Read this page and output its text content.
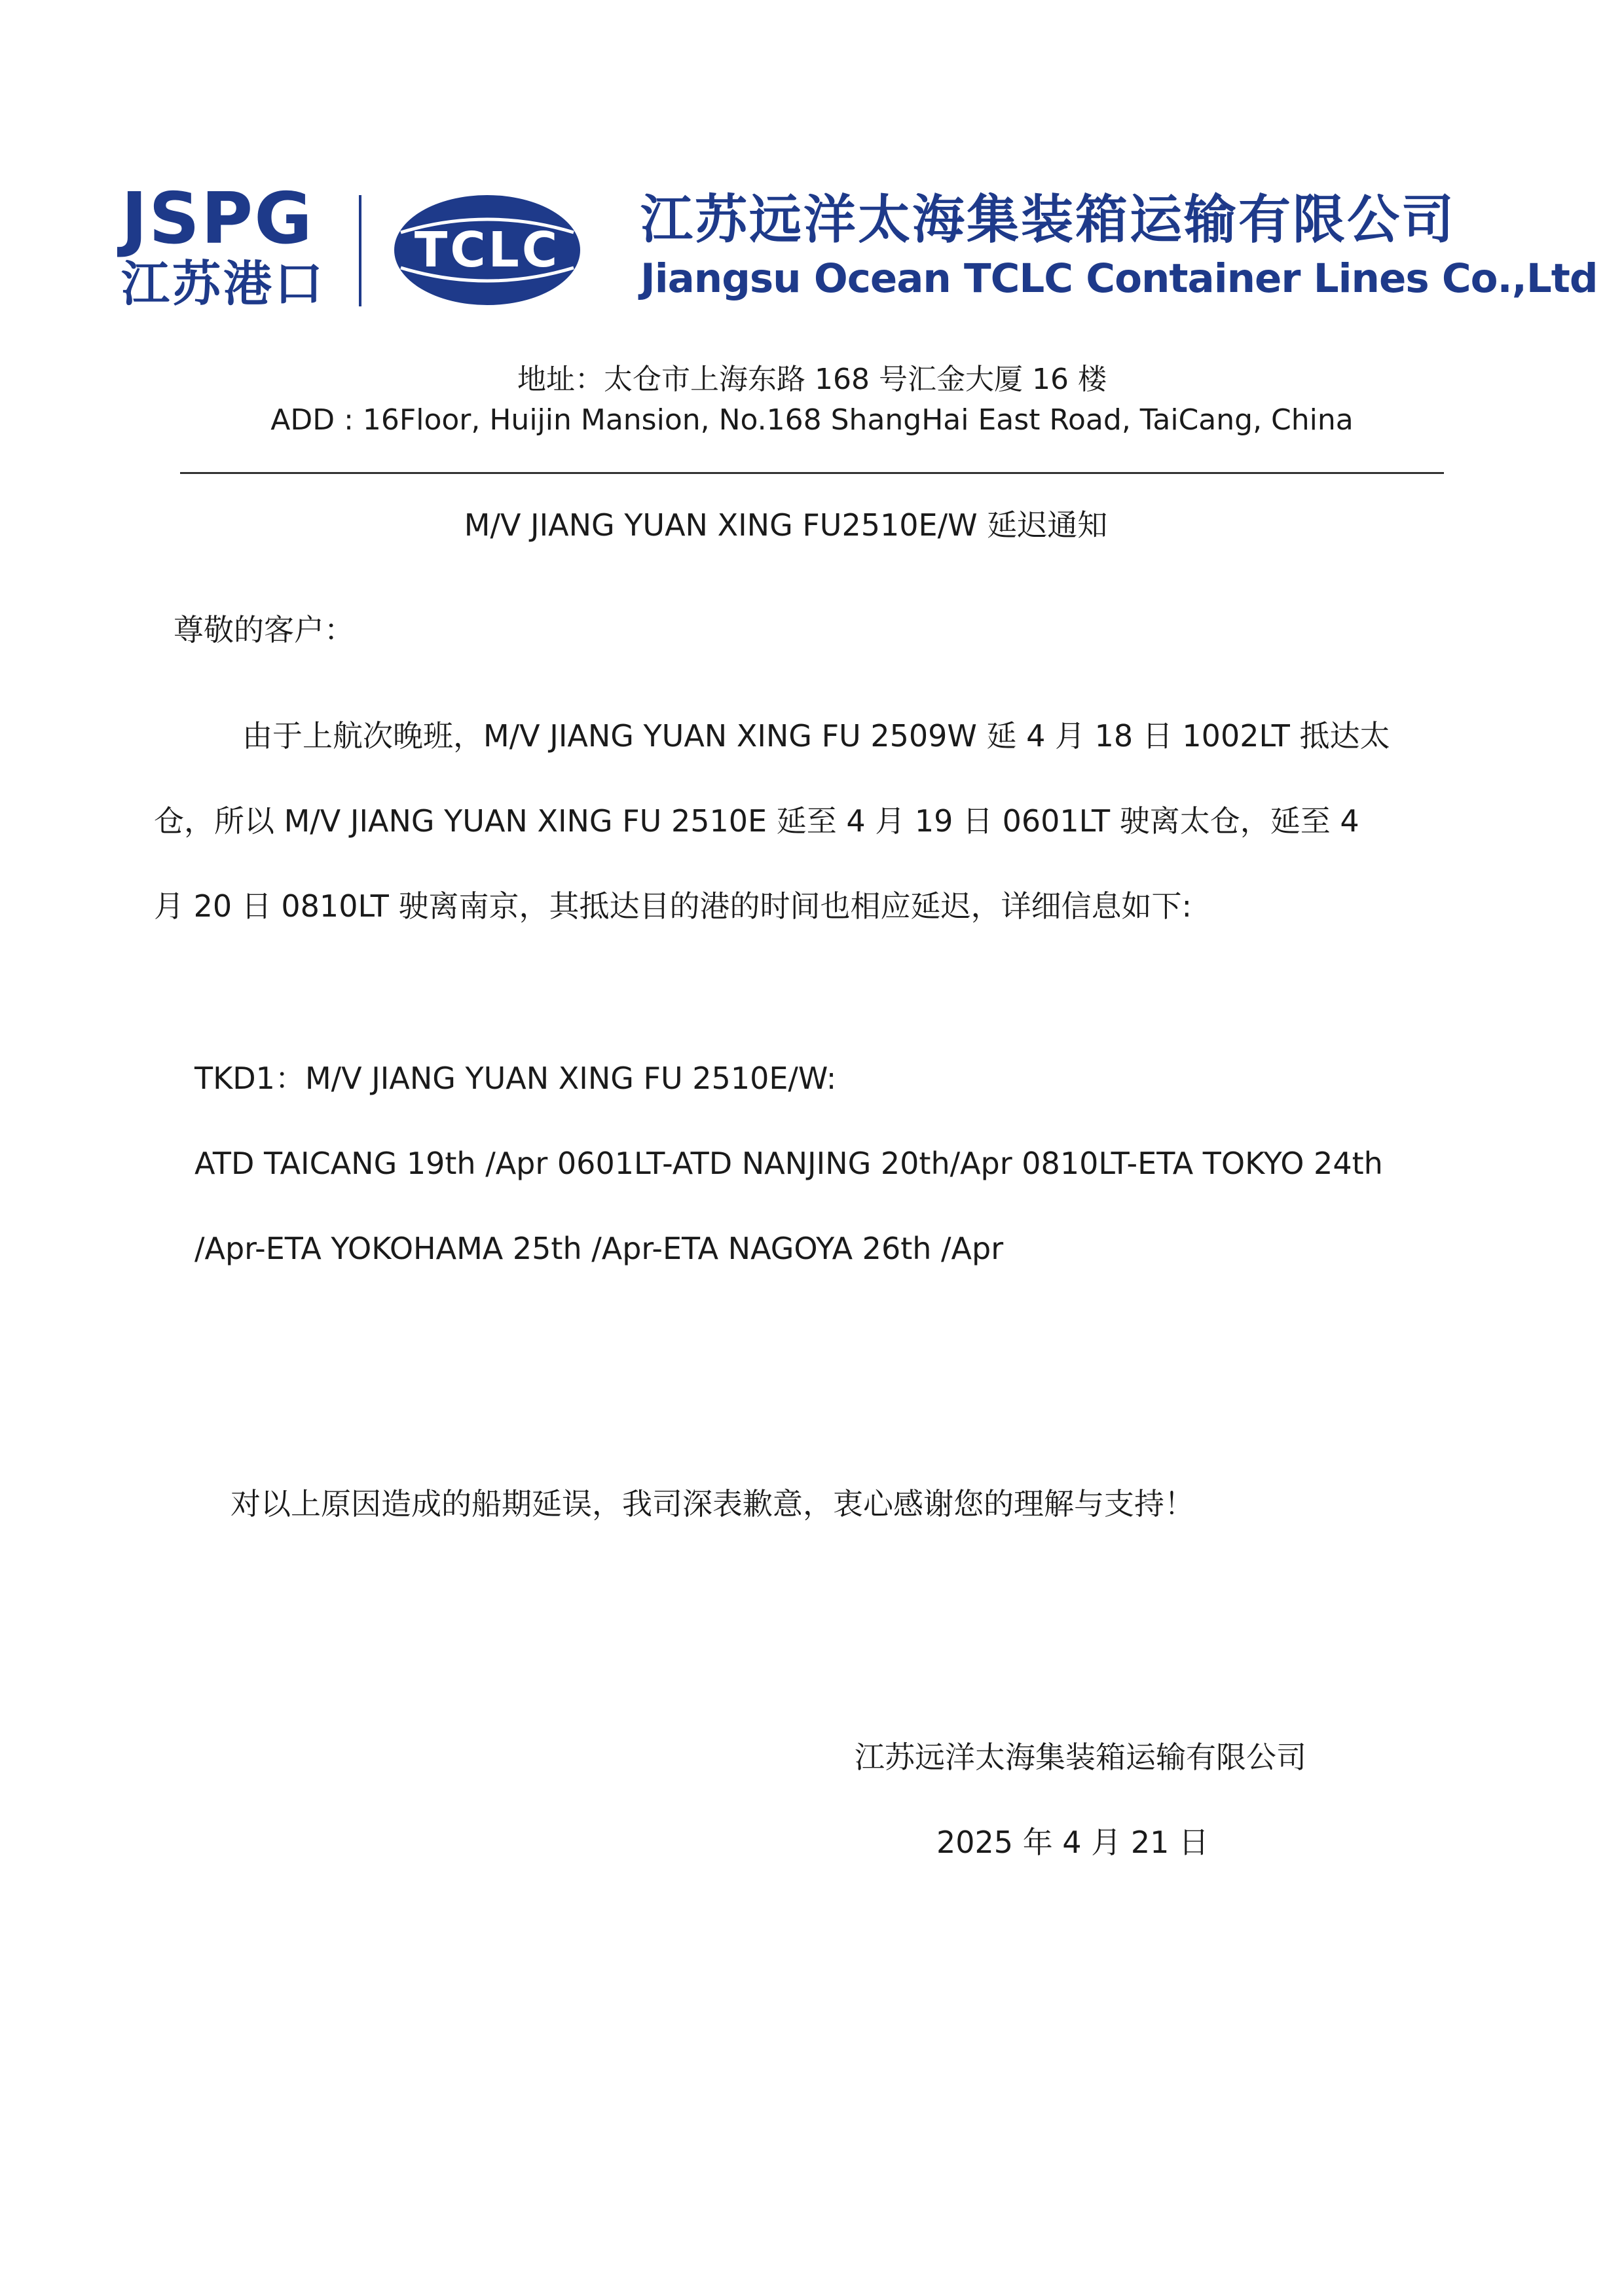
JSPG
江苏港口
TCLC 江苏远洋太海集装箱运输有限公司
Jiangsu Ocean TCLC Container Lines Co.,Ltd
地址：太仓市上海东路 168 号汇金大厦 16 楼
ADD : 16Floor, Huijin Mansion, No.168 ShangHai East Road, TaiCang, China
M/V JIANG YUAN XING FU2510E/W 延迟通知
尊敬的客户：
由于上航次晚班，M/V JIANG YUAN XING FU 2509W 延 4 月 18 日 1002LT 抵达太
仓，所以 M/V JIANG YUAN XING FU 2510E 延至 4 月 19 日 0601LT 驶离太仓，延至 4
月 20 日 0810LT 驶离南京，其抵达目的港的时间也相应延迟，详细信息如下:
TKD1：M/V JIANG YUAN XING FU 2510E/W:
ATD TAICANG 19th /Apr 0601LT-ATD NANJING 20th/Apr 0810LT-ETA TOKYO 24th
/Apr-ETA YOKOHAMA 25th /Apr-ETA NAGOYA 26th /Apr
对以上原因造成的船期延误，我司深表歉意，衷心感谢您的理解与支持！
江苏远洋太海集装箱运输有限公司
2025 年 4 月 21 日
